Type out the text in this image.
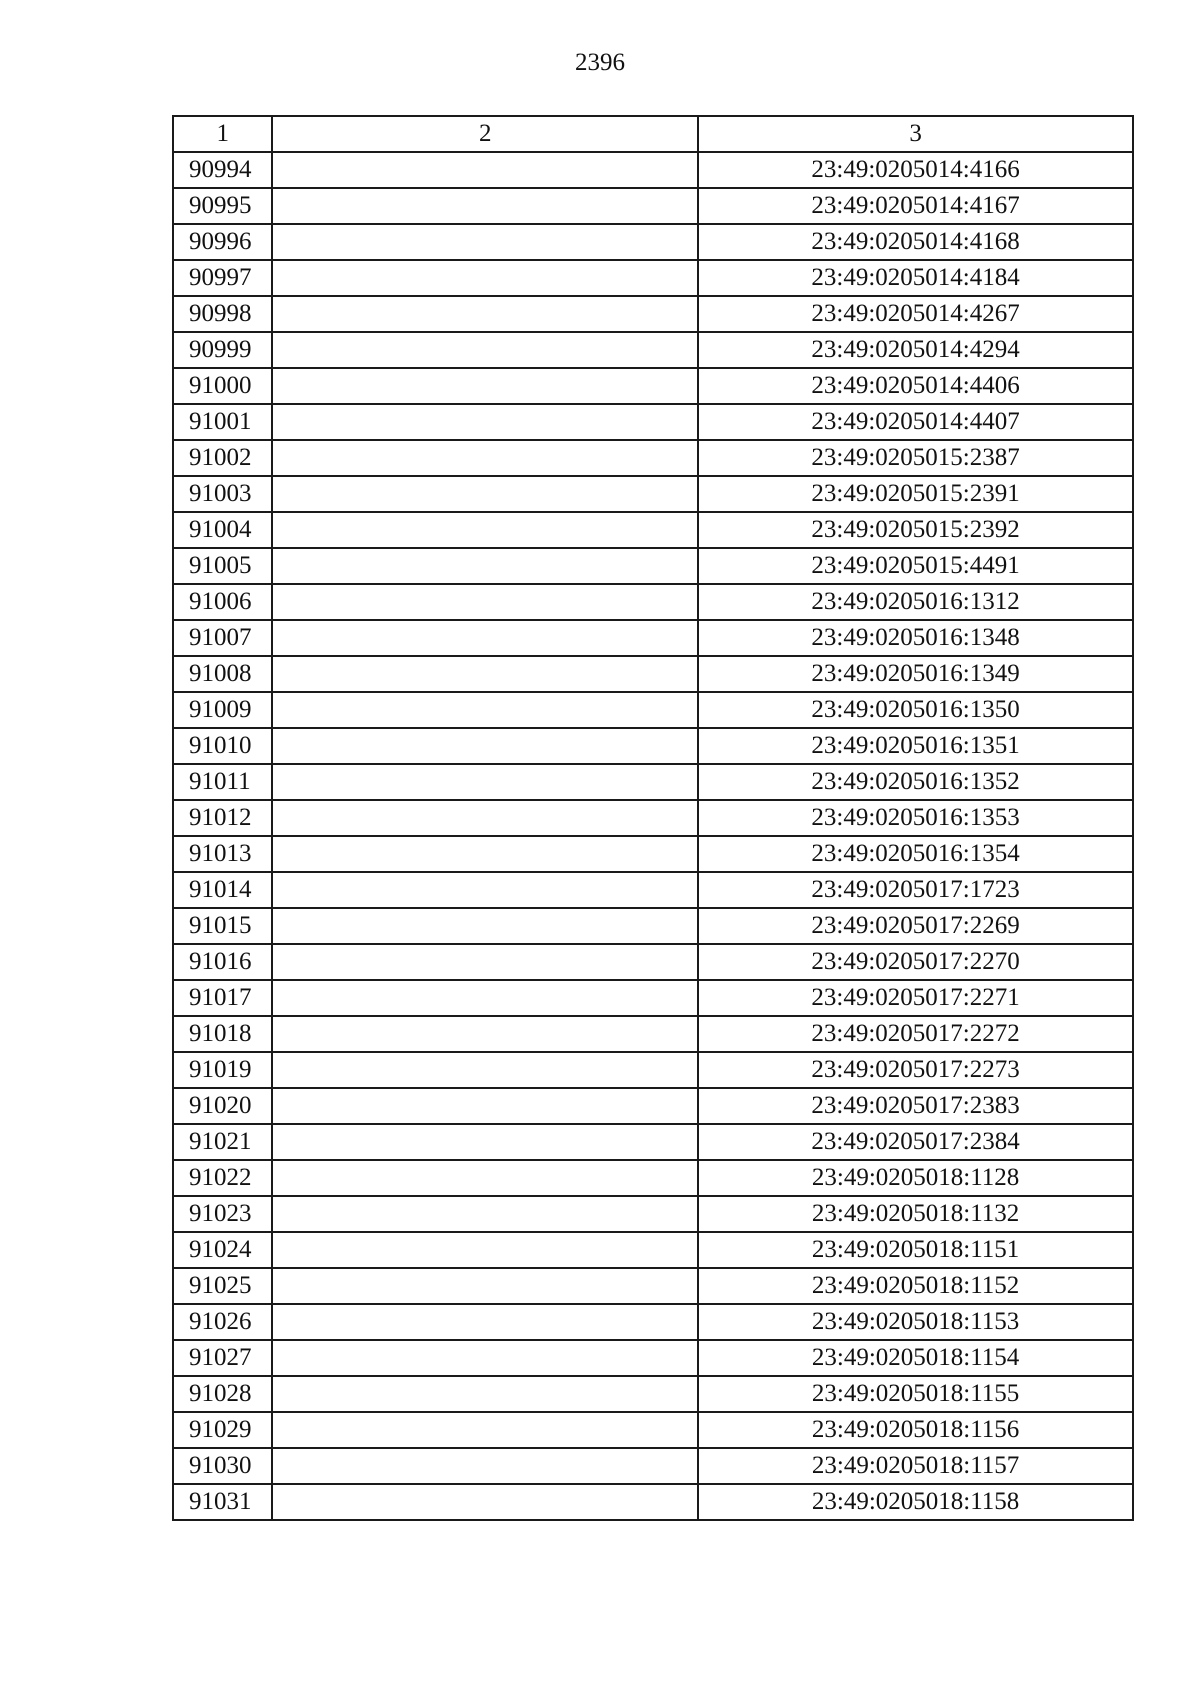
2396
1	2	3
90994		23:49:0205014:4166
90995		23:49:0205014:4167
90996		23:49:0205014:4168
90997		23:49:0205014:4184
90998		23:49:0205014:4267
90999		23:49:0205014:4294
91000		23:49:0205014:4406
91001		23:49:0205014:4407
91002		23:49:0205015:2387
91003		23:49:0205015:2391
91004		23:49:0205015:2392
91005		23:49:0205015:4491
91006		23:49:0205016:1312
91007		23:49:0205016:1348
91008		23:49:0205016:1349
91009		23:49:0205016:1350
91010		23:49:0205016:1351
91011		23:49:0205016:1352
91012		23:49:0205016:1353
91013		23:49:0205016:1354
91014		23:49:0205017:1723
91015		23:49:0205017:2269
91016		23:49:0205017:2270
91017		23:49:0205017:2271
91018		23:49:0205017:2272
91019		23:49:0205017:2273
91020		23:49:0205017:2383
91021		23:49:0205017:2384
91022		23:49:0205018:1128
91023		23:49:0205018:1132
91024		23:49:0205018:1151
91025		23:49:0205018:1152
91026		23:49:0205018:1153
91027		23:49:0205018:1154
91028		23:49:0205018:1155
91029		23:49:0205018:1156
91030		23:49:0205018:1157
91031		23:49:0205018:1158
